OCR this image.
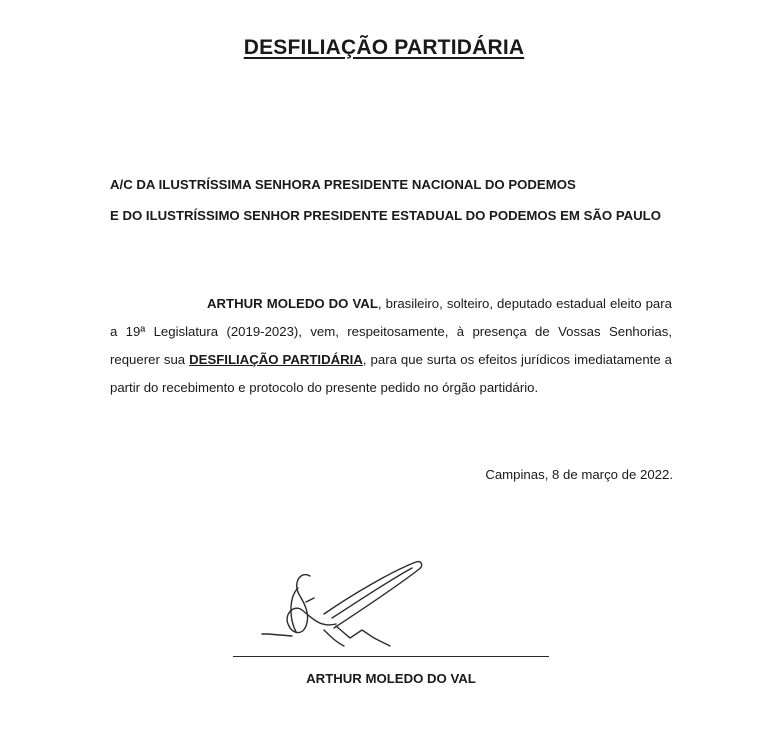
DESFILIAÇÃO PARTIDÁRIA
A/C DA ILUSTRÍSSIMA SENHORA PRESIDENTE NACIONAL DO PODEMOS
E DO ILUSTRÍSSIMO SENHOR PRESIDENTE ESTADUAL DO PODEMOS EM SÃO PAULO
ARTHUR MOLEDO DO VAL, brasileiro, solteiro, deputado estadual eleito para a 19ª Legislatura (2019-2023), vem, respeitosamente, à presença de Vossas Senhorias, requerer sua DESFILIAÇÃO PARTIDÁRIA, para que surta os efeitos jurídicos imediatamente a partir do recebimento e protocolo do presente pedido no órgão partidário.
Campinas, 8 de março de 2022.
ARTHUR MOLEDO DO VAL
